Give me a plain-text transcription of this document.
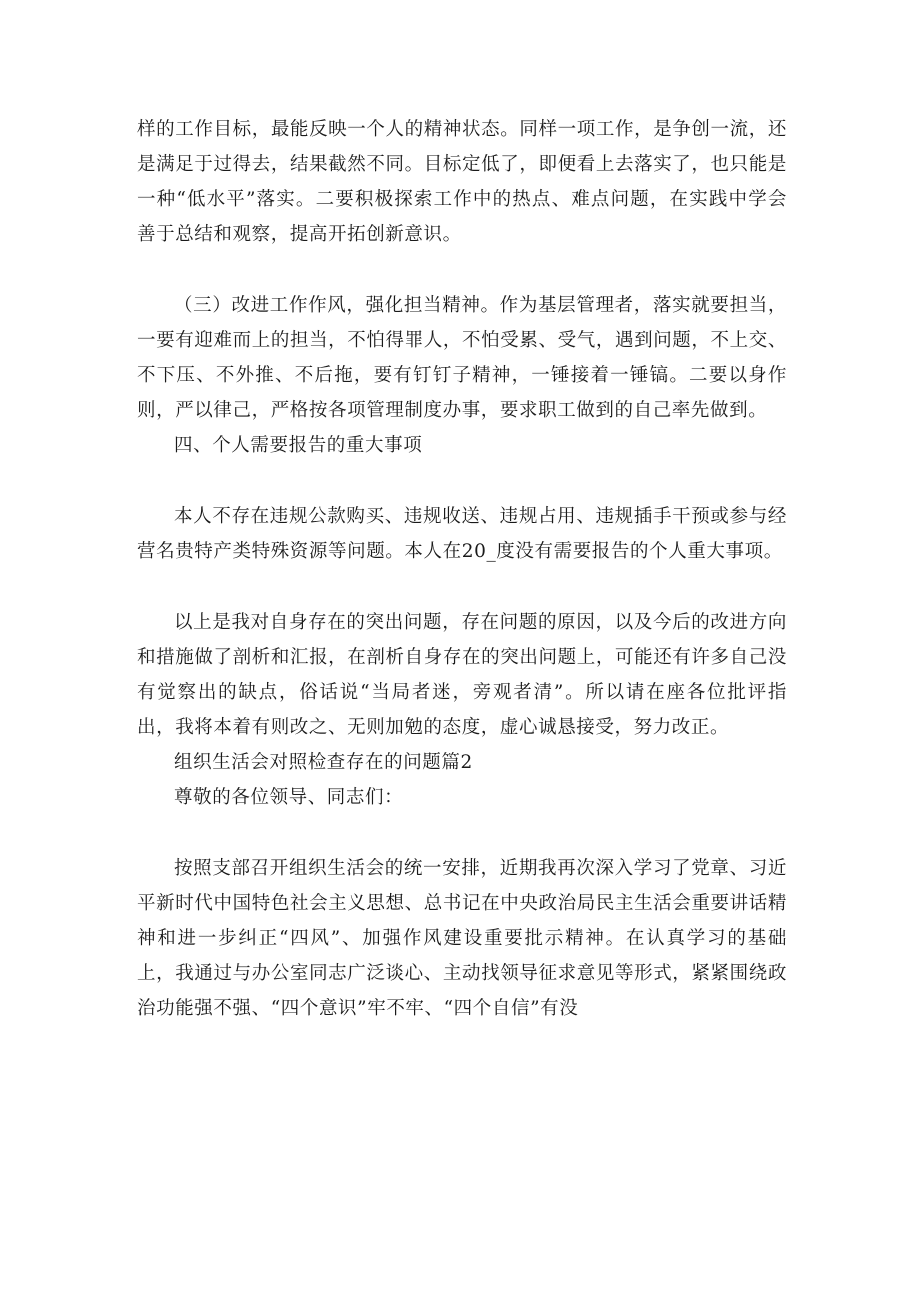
样的工作目标，最能反映一个人的精神状态。同样一项工作，是争创一流，还是满足于过得去，结果截然不同。目标定低了，即便看上去落实了，也只能是一种“低水平”落实。二要积极探索工作中的热点、难点问题，在实践中学会善于总结和观察，提高开拓创新意识。

（三）改进工作作风，强化担当精神。作为基层管理者，落实就要担当，一要有迎难而上的担当，不怕得罪人，不怕受累、受气，遇到问题，不上交、不下压、不外推、不后拖，要有钉钉子精神，一锤接着一锤镐。二要以身作则，严以律己，严格按各项管理制度办事，要求职工做到的自己率先做到。

四、个人需要报告的重大事项

本人不存在违规公款购买、违规收送、违规占用、违规插手干预或参与经营名贵特产类特殊资源等问题。本人在20_度没有需要报告的个人重大事项。

以上是我对自身存在的突出问题，存在问题的原因，以及今后的改进方向和措施做了剖析和汇报，在剖析自身存在的突出问题上，可能还有许多自己没有觉察出的缺点，俗话说“当局者迷，旁观者清”。所以请在座各位批评指出，我将本着有则改之、无则加勉的态度，虚心诚恳接受，努力改正。

组织生活会对照检查存在的问题篇2

尊敬的各位领导、同志们：

按照支部召开组织生活会的统一安排，近期我再次深入学习了党章、习近平新时代中国特色社会主义思想、总书记在中央政治局民主生活会重要讲话精神和进一步纠正“四风”、加强作风建设重要批示精神。在认真学习的基础上，我通过与办公室同志广泛谈心、主动找领导征求意见等形式，紧紧围绕政治功能强不强、“四个意识”牢不牢、“四个自信”有没
